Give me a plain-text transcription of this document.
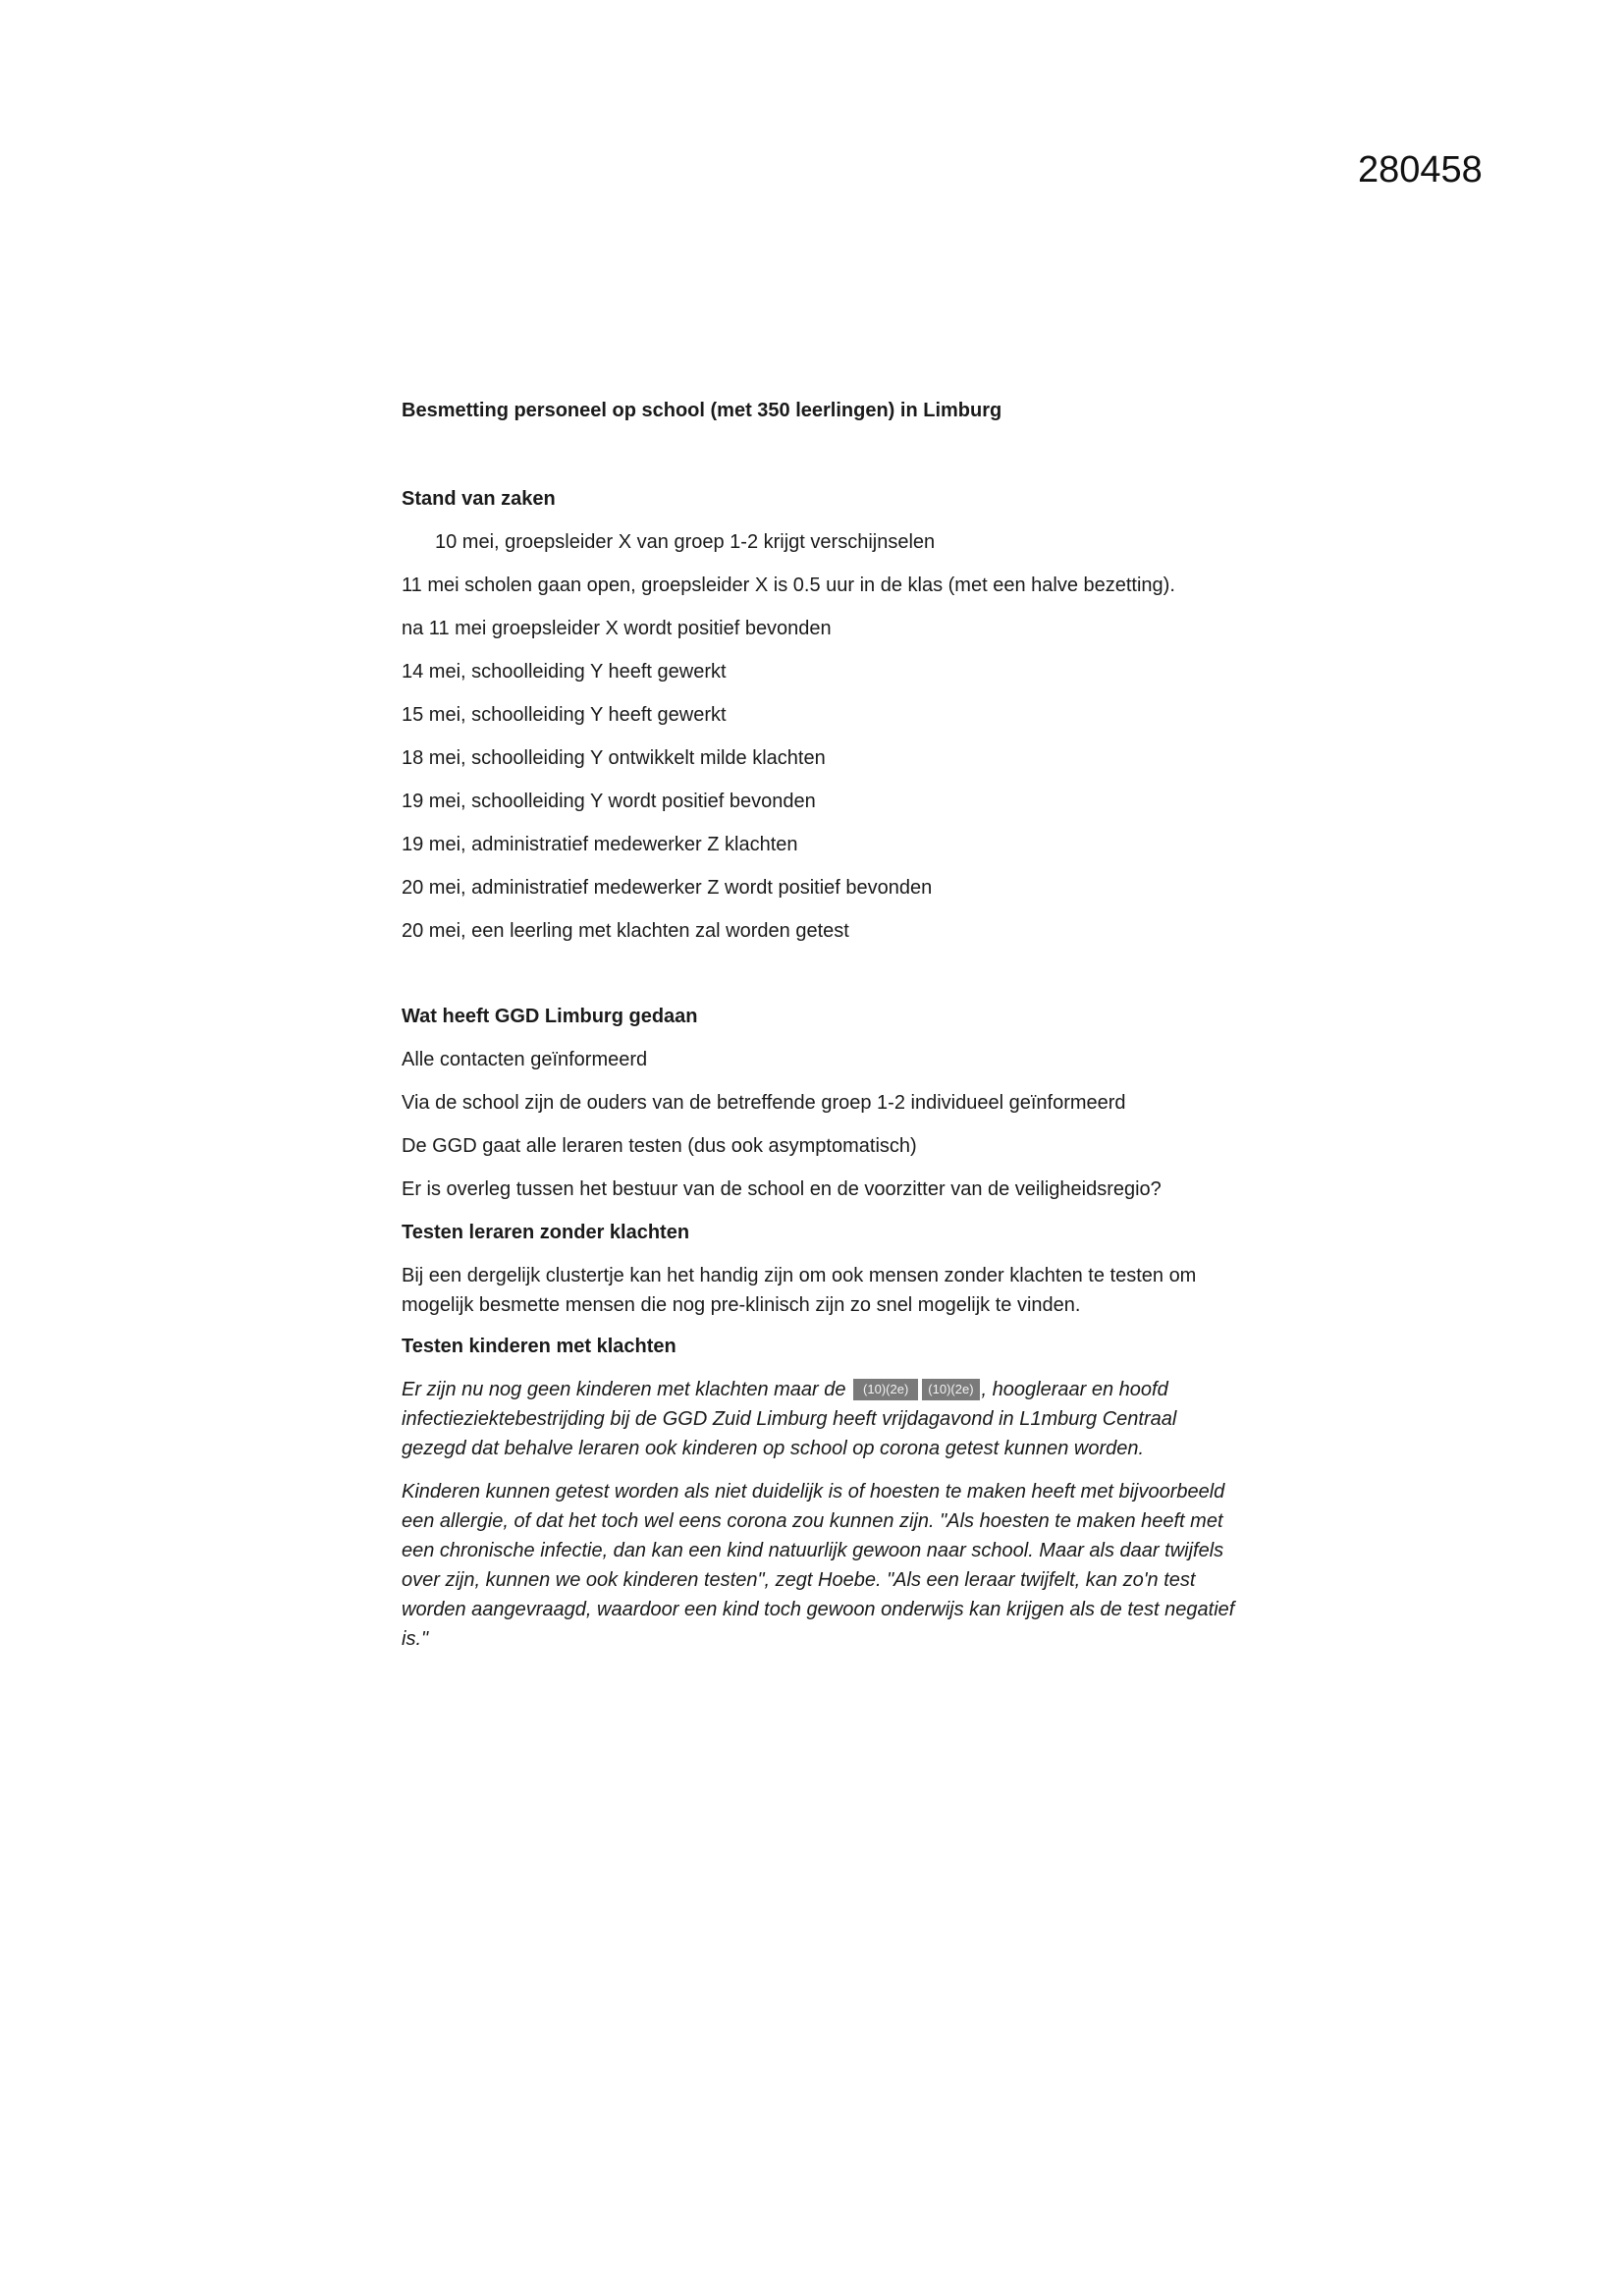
280458

Besmetting personeel op school (met 350 leerlingen) in Limburg

Stand van zaken

10 mei, groepsleider X van groep 1-2 krijgt verschijnselen

11 mei scholen gaan open, groepsleider X is 0.5 uur in de klas (met een halve bezetting).

na 11 mei groepsleider X wordt positief bevonden

14 mei, schoolleiding Y heeft gewerkt

15 mei, schoolleiding Y heeft gewerkt

18 mei, schoolleiding Y ontwikkelt milde klachten

19 mei, schoolleiding Y wordt positief bevonden

19 mei, administratief medewerker Z klachten

20 mei, administratief medewerker Z wordt positief bevonden

20 mei, een leerling met klachten zal worden getest

Wat heeft GGD Limburg gedaan

Alle contacten geïnformeerd

Via de school zijn de ouders van de betreffende groep 1-2 individueel geïnformeerd

De GGD gaat alle leraren testen (dus ook asymptomatisch)

Er is overleg tussen het bestuur van de school en de voorzitter van de veiligheidsregio?

Testen leraren zonder klachten

Bij een dergelijk clustertje kan het handig zijn om ook mensen zonder klachten te testen om mogelijk besmette mensen die nog pre-klinisch zijn zo snel mogelijk te vinden.

Testen kinderen met klachten

Er zijn nu nog geen kinderen met klachten maar de (10)(2e) (10)(2e) , hoogleraar en hoofd infectieziektebestrijding bij de GGD Zuid Limburg heeft vrijdagavond in L1mburg Centraal gezegd dat behalve leraren ook kinderen op school op corona getest kunnen worden.

Kinderen kunnen getest worden als niet duidelijk is of hoesten te maken heeft met bijvoorbeeld een allergie, of dat het toch wel eens corona zou kunnen zijn. "Als hoesten te maken heeft met een chronische infectie, dan kan een kind natuurlijk gewoon naar school. Maar als daar twijfels over zijn, kunnen we ook kinderen testen", zegt Hoebe. "Als een leraar twijfelt, kan zo'n test worden aangevraagd, waardoor een kind toch gewoon onderwijs kan krijgen als de test negatief is."
